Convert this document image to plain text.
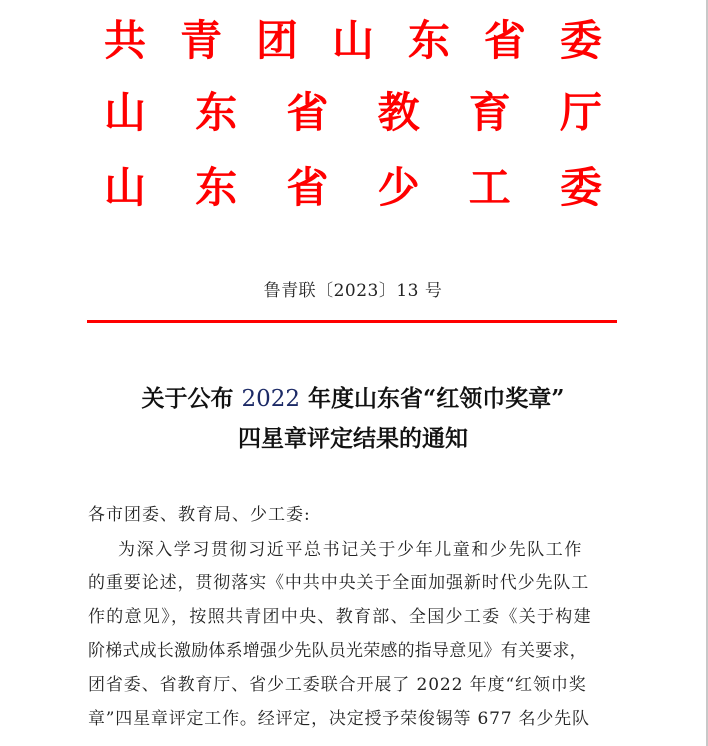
共 青 团 山 东 省 委
山 东 省 教 育 厅
山 东 省 少 工 委
鲁青联〔2023〕13 号
关于公布 2022 年度山东省“红领巾奖章”
四星章评定结果的通知
各市团委、教育局、少工委:
为深入学习贯彻习近平总书记关于少年儿童和少先队工作
的重要论述，贯彻落实《中共中央关于全面加强新时代少先队工
作的意见》，按照共青团中央、教育部、全国少工委《关于构建
阶梯式成长激励体系增强少先队员光荣感的指导意见》有关要求，
团省委、省教育厅、省少工委联合开展了 2022 年度“红领巾奖
章”四星章评定工作。经评定，决定授予荣俊锡等 677 名少先队
